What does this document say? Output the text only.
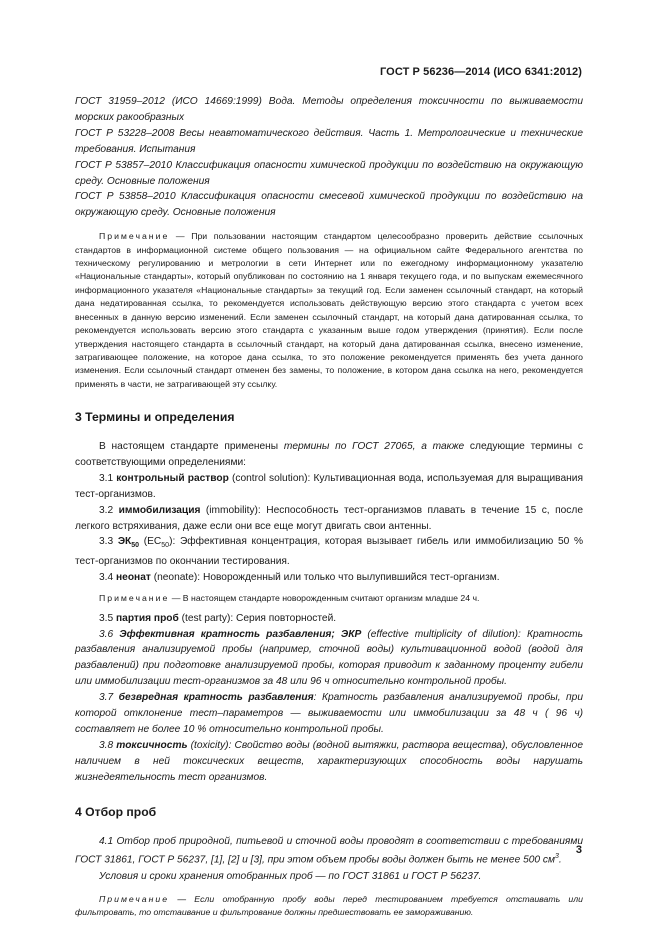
ГОСТ Р 56236—2014 (ИСО 6341:2012)

ГОСТ 31959–2012 (ИСО 14669:1999) Вода. Методы определения токсичности по выживаемости морских ракообразных

ГОСТ Р 53228–2008 Весы неавтоматического действия. Часть 1. Метрологические и технические требования. Испытания

ГОСТ Р 53857–2010 Классификация опасности химической продукции по воздействию на окружающую среду. Основные положения

ГОСТ Р 53858–2010 Классификация опасности смесевой химической продукции по воздействию на окружающую среду. Основные положения

Примечание — При пользовании настоящим стандартом целесообразно проверить действие ссылочных стандартов в информационной системе общего пользования — на официальном сайте Федерального агентства по техническому регулированию и метрологии в сети Интернет или по ежегодному информационному указателю «Национальные стандарты», который опубликован по состоянию на 1 января текущего года, и по выпускам ежемесячного информационного указателя «Национальные стандарты» за текущий год. Если заменен ссылочный стандарт, на который дана недатированная ссылка, то рекомендуется использовать действующую версию этого стандарта с учетом всех внесенных в данную версию изменений. Если заменен ссылочный стандарт, на который дана датированная ссылка, то рекомендуется использовать версию этого стандарта с указанным выше годом утверждения (принятия). Если после утверждения настоящего стандарта в ссылочный стандарт, на который дана датированная ссылка, внесено изменение, затрагивающее положение, на которое дана ссылка, то это положение рекомендуется применять без учета данного изменения. Если ссылочный стандарт отменен без замены, то положение, в котором дана ссылка на него, рекомендуется применять в части, не затрагивающей эту ссылку.

3 Термины и определения

В настоящем стандарте применены термины по ГОСТ 27065, а также следующие термины с соответствующими определениями:

3.1 контрольный раствор (control solution): Культивационная вода, используемая для выращивания тест-организмов.

3.2 иммобилизация (immobility): Неспособность тест-организмов плавать в течение 15 с, после легкого встряхивания, даже если они все еще могут двигать свои антенны.

3.3 $ЭК_{50}$ $(EC_{50})$: Эффективная концентрация, которая вызывает гибель или иммобилизацию 50 % тест-организмов по окончании тестирования.

3.4 неонат (neonate): Новорожденный или только что вылупившийся тест-организм.

Примечание — В настоящем стандарте новорожденным считают организм младше 24 ч.

3.5 партия проб (test party): Серия повторностей.

3.6 Эффективная кратность разбавления; ЭКР (effective multiplicity of dilution): Кратность разбавления анализируемой пробы (например, сточной воды) культивационной водой (водой для разбавлений) при подготовке анализируемой пробы, которая приводит к заданному проценту гибели или иммобилизации тест-организмов за 48 или 96 ч относительно контрольной пробы.

3.7 безвредная кратность разбавления: Кратность разбавления анализируемой пробы, при которой отклонение тест–параметров — выживаемости или иммобилизации за 48 ч ( 96 ч) составляет не более 10 % относительно контрольной пробы.

3.8 токсичность (toxicity): Свойство воды (водной вытяжки, раствора вещества), обусловленное наличием в ней токсических веществ, характеризующих способность воды нарушать жизнедеятельность тест организмов.

4 Отбор проб

4.1 Отбор проб природной, питьевой и сточной воды проводят в соответствии с требованиями ГОСТ 31861, ГОСТ Р 56237, [1], [2] и [3], при этом объем пробы воды должен быть не менее 500 $см^3$.

Условия и сроки хранения отобранных проб — по ГОСТ 31861 и ГОСТ Р 56237.

Примечание — Если отобранную пробу воды перед тестированием требуется отстаивать или фильтровать, то отстаивание и фильтрование должны предшествовать ее замораживанию.

3
